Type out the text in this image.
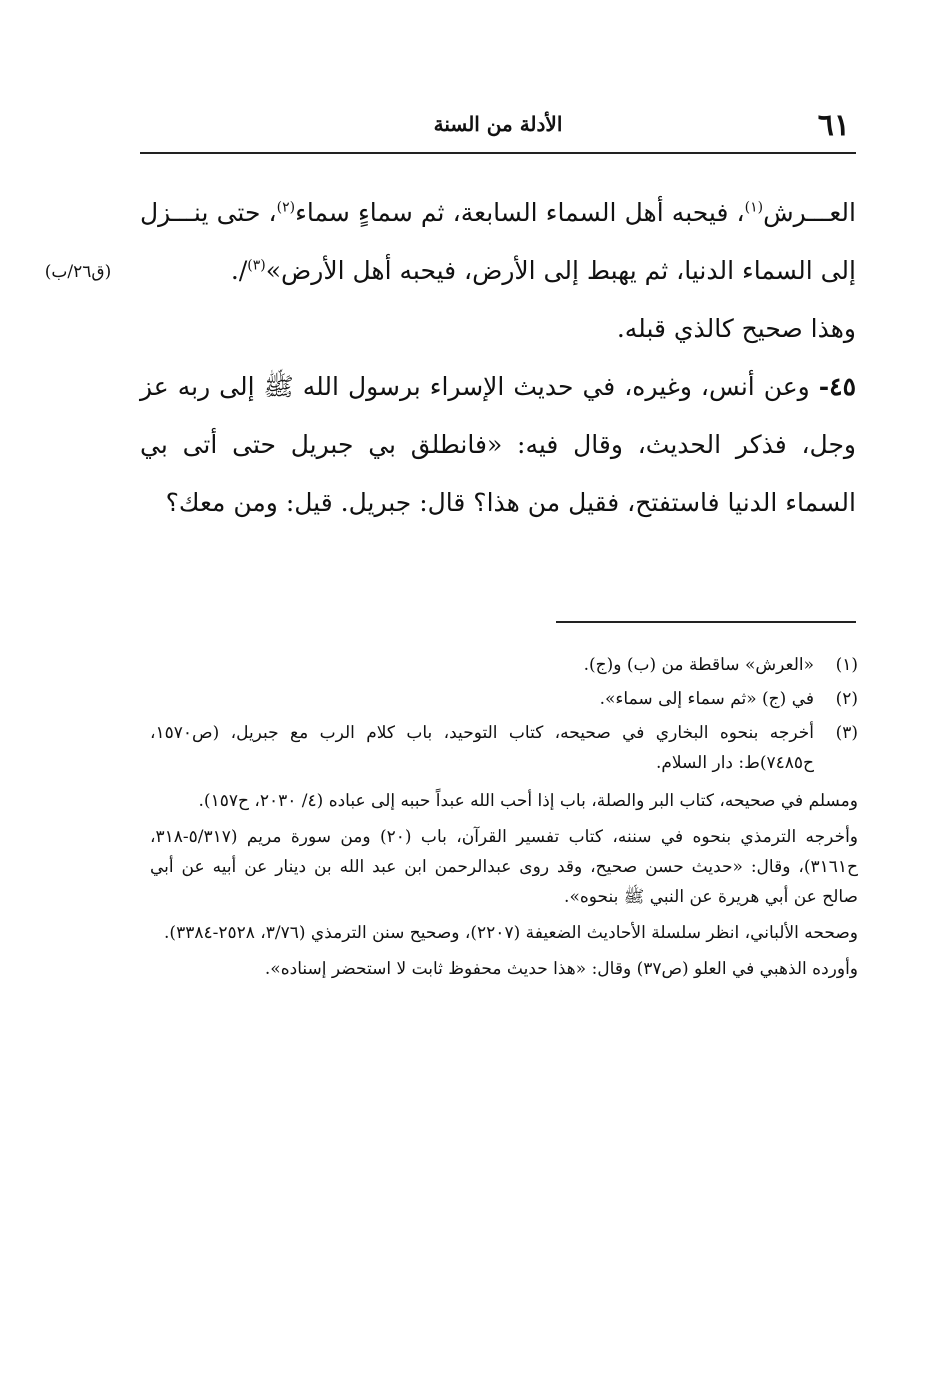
٦١
الأدلة من السنة
(ق٢٦/ب)

العـــرش$^{(١)}$، فيحبه أهل السماء السابعة، ثم سماءٍ سماء$^{(٢)}$، حتى ينـــزل إلى السماء الدنيا، ثم يهبط إلى الأرض، فيحبه أهل الأرض»$^{(٣)}$/.

وهذا صحيح كالذي قبله.

٤٥- وعن أنس، وغيره، في حديث الإسراء برسول الله ﷺ إلى ربه عز وجل، فذكر الحديث، وقال فيه: «فانطلق بي جبريل حتى أتى بي السماء الدنيا فاستفتح، فقيل من هذا؟ قال: جبريل. قيل: ومن معك؟

(١)
«العرش» ساقطة من (ب) و(ج).
(٢)
في (ج) «ثم سماء إلى سماء».
(٣)

أخرجه بنحوه البخاري في صحيحه، كتاب التوحيد، باب كلام الرب مع جبريل، (ص١٥٧٠، ح٧٤٨٥)ط: دار السلام.

ومسلم في صحيحه، كتاب البر والصلة، باب إذا أحب الله عبداً حببه إلى عباده (٤/ ٢٠٣٠، ح١٥٧).

وأخرجه الترمذي بنحوه في سننه، كتاب تفسير القرآن، باب (٢٠) ومن سورة مريم (٥/٣١٧-٣١٨، ح٣١٦١)، وقال: «حديث حسن صحيح، وقد روى عبدالرحمن ابن عبد الله بن دينار عن أبيه عن أبي صالح عن أبي هريرة عن النبي ﷺ بنحوه».

وصححه الألباني، انظر سلسلة الأحاديث الضعيفة (٢٢٠٧)، وصحيح سنن الترمذي (٣/٧٦، ٢٥٢٨-٣٣٨٤).

وأورده الذهبي في العلو (ص٣٧) وقال: «هذا حديث محفوظ ثابت لا استحضر إسناده».
